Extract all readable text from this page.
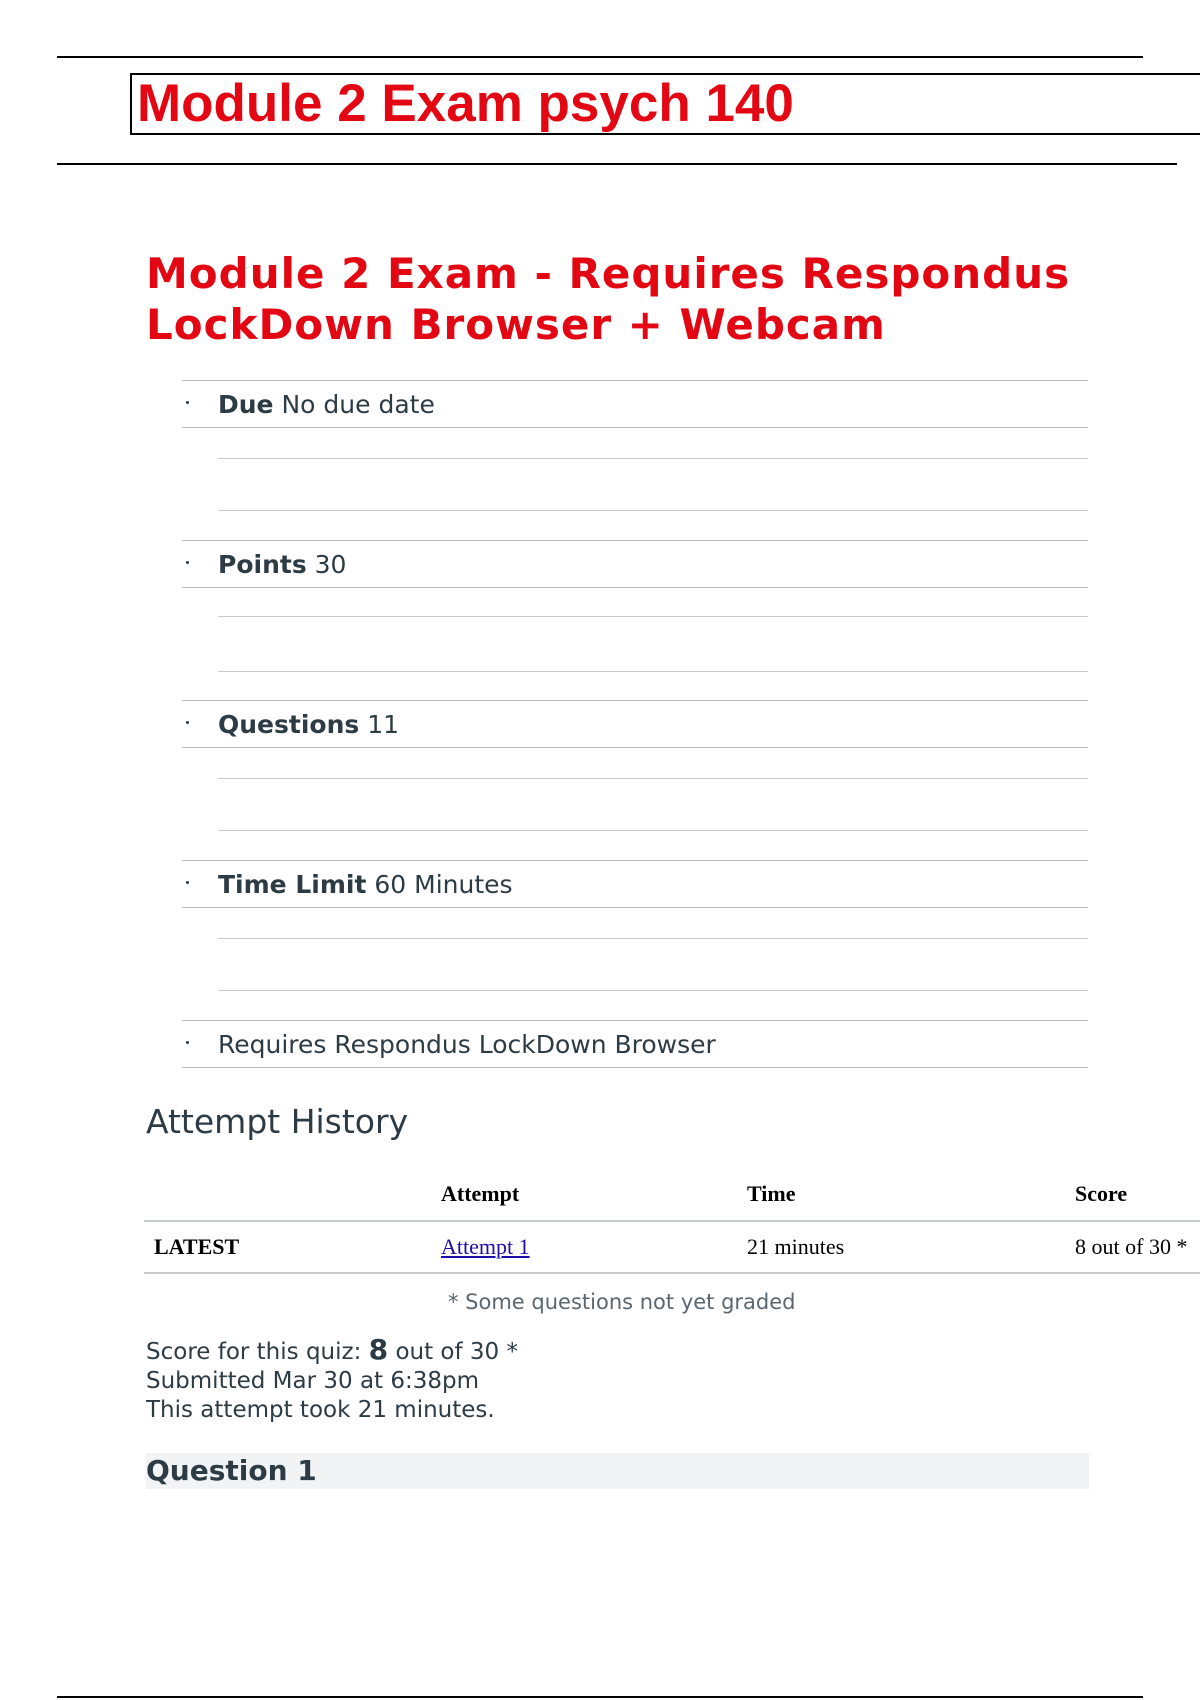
Module 2 Exam psych 140
Module 2 Exam - Requires Respondus LockDown Browser + Webcam
Due No due date
Points 30
Questions 11
Time Limit 60 Minutes
Requires Respondus LockDown Browser
Attempt History
	Attempt	Time	Score
LATEST	Attempt 1	21 minutes	8 out of 30 *
* Some questions not yet graded
Score for this quiz: 8 out of 30 *
Submitted Mar 30 at 6:38pm
This attempt took 21 minutes.
Question 1
